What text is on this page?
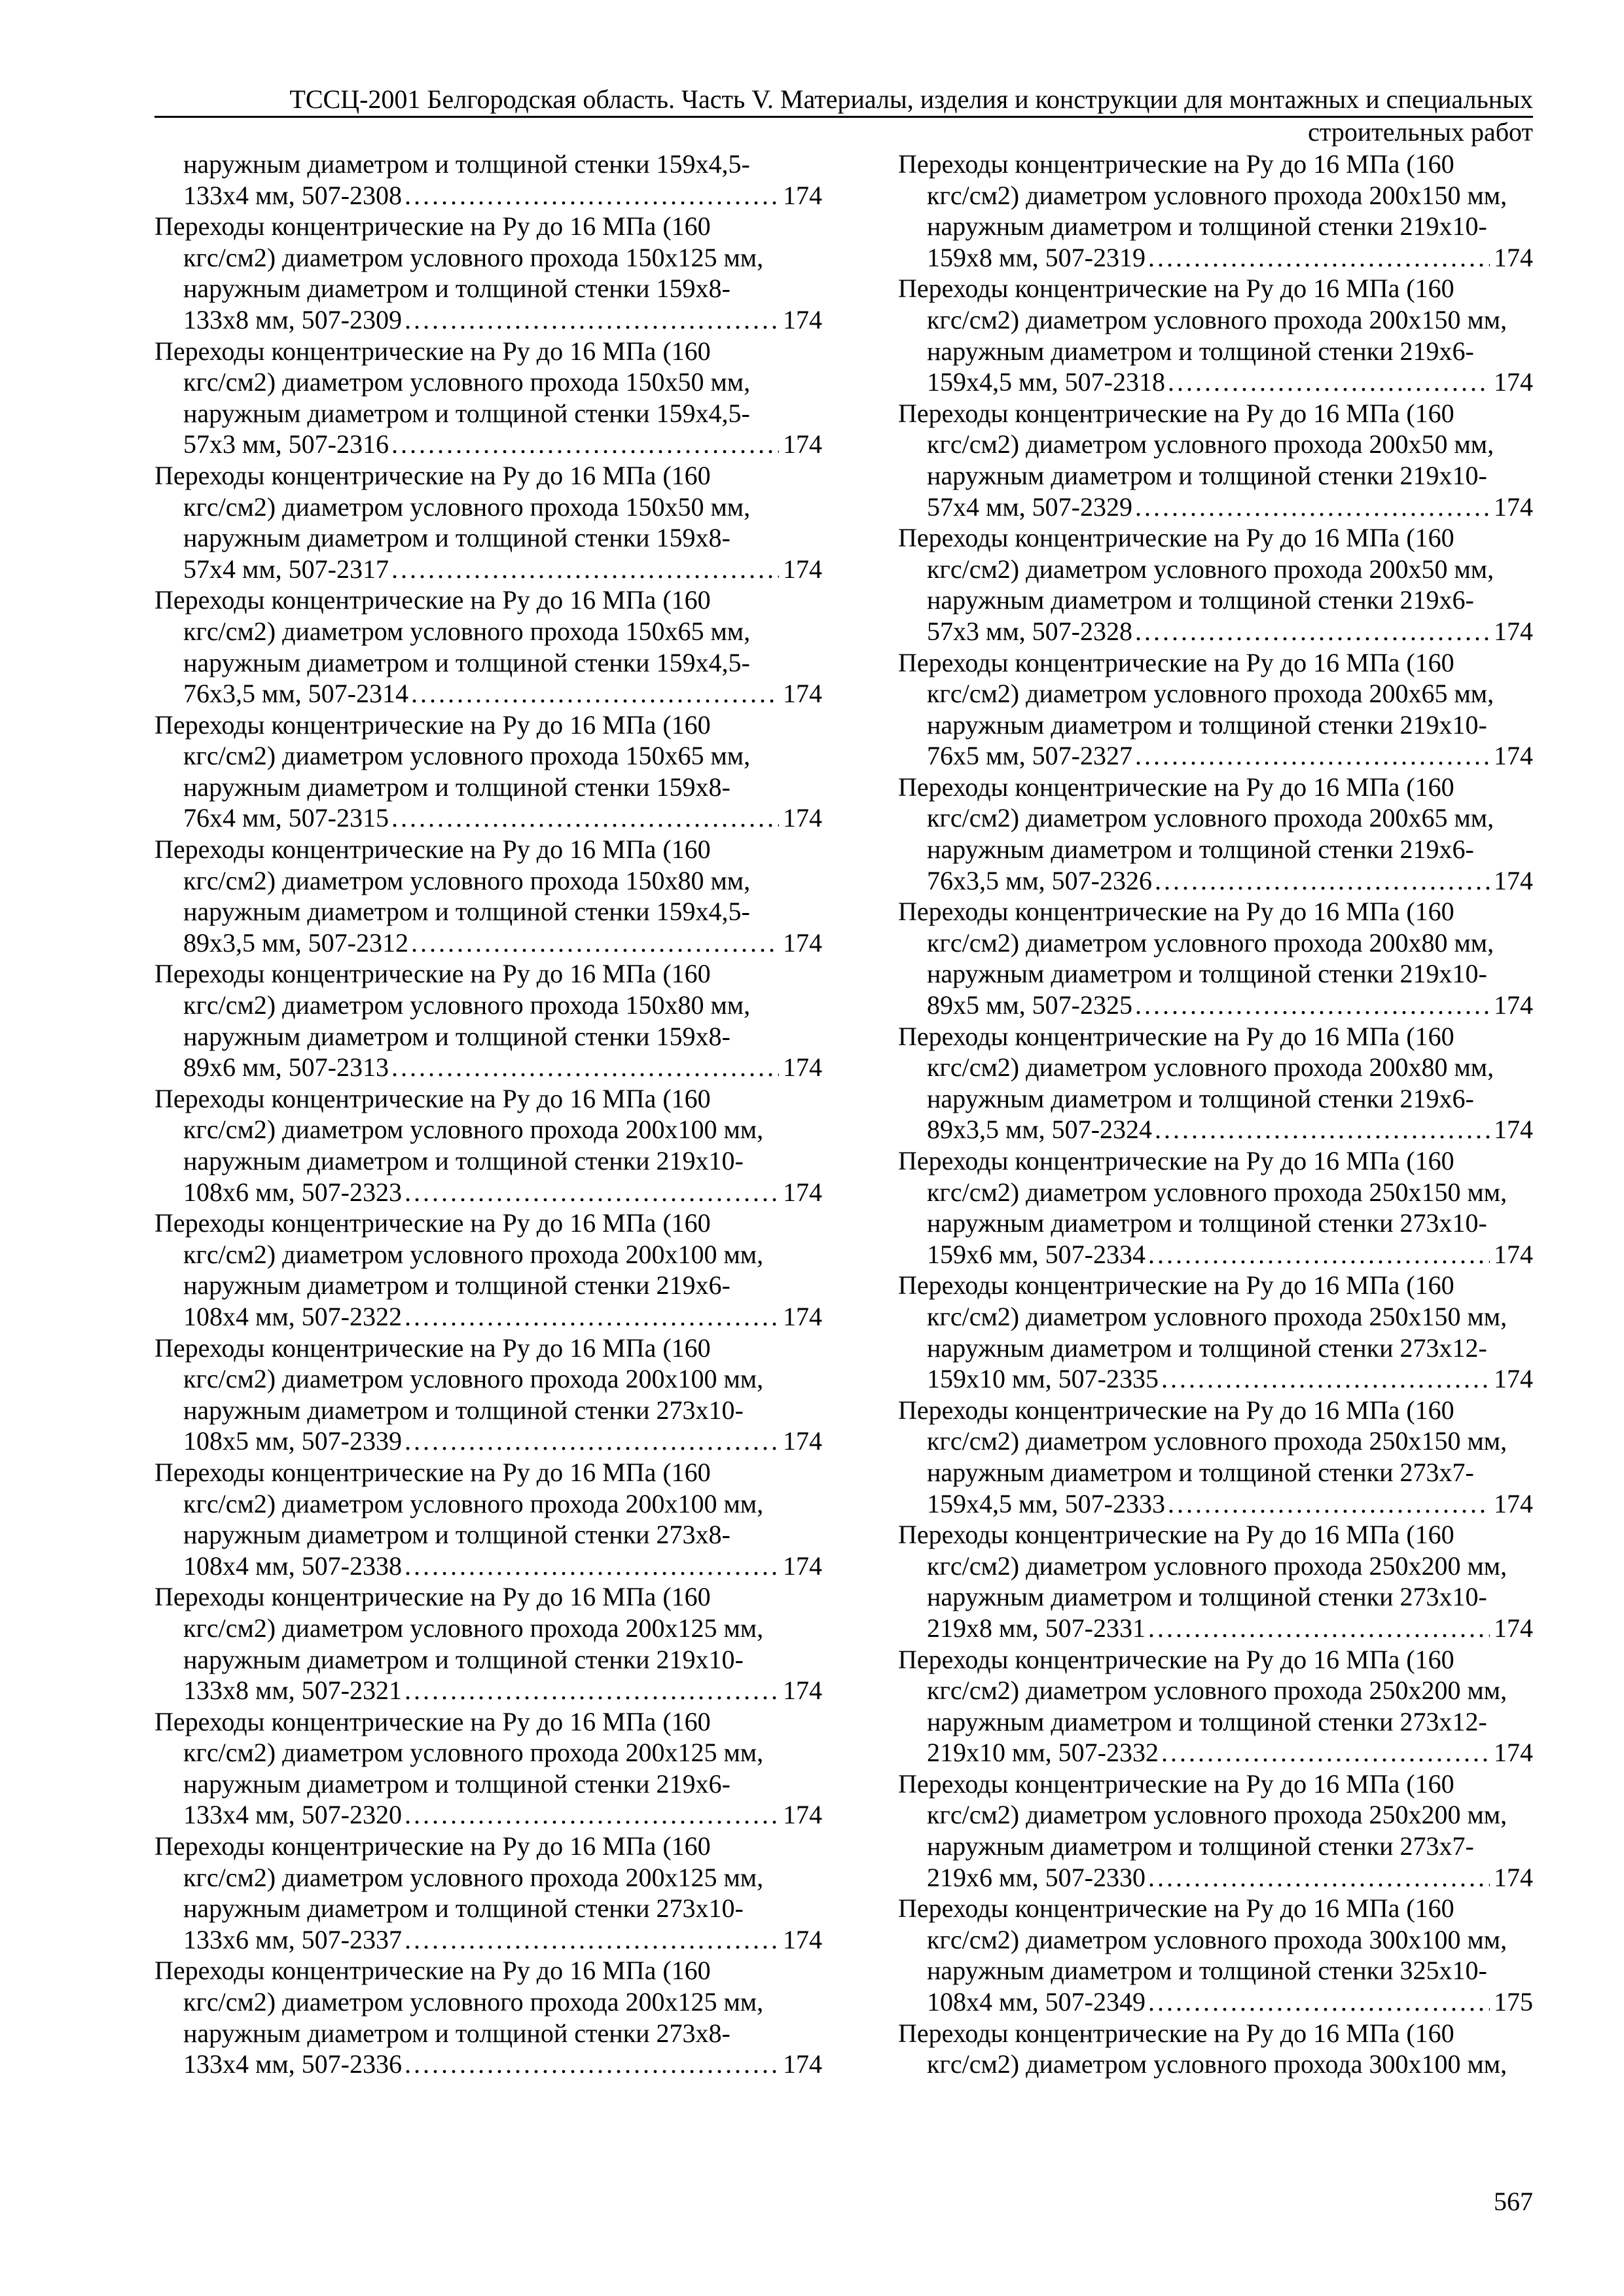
ТССЦ-2001 Белгородская область. Часть V. Материалы, изделия и конструкции для монтажных и специальных
строительных работ
наружным диаметром и толщиной стенки 159х4,5-
133х4 мм, 507-2308 . . .	174
Переходы концентрические на Ру до 16 МПа (160
кгс/см2) диаметром условного прохода 150х125 мм,
наружным диаметром и толщиной стенки 159х8-
133х8 мм, 507-2309 . . .	174
Переходы концентрические на Ру до 16 МПа (160
кгс/см2) диаметром условного прохода 150х50 мм,
наружным диаметром и толщиной стенки 159х4,5-
57х3 мм, 507-2316 . . .	174
Переходы концентрические на Ру до 16 МПа (160
кгс/см2) диаметром условного прохода 150х50 мм,
наружным диаметром и толщиной стенки 159х8-
57х4 мм, 507-2317 . . .	174
Переходы концентрические на Ру до 16 МПа (160
кгс/см2) диаметром условного прохода 150х65 мм,
наружным диаметром и толщиной стенки 159х4,5-
76х3,5 мм, 507-2314 . . .	174
Переходы концентрические на Ру до 16 МПа (160
кгс/см2) диаметром условного прохода 150х65 мм,
наружным диаметром и толщиной стенки 159х8-
76х4 мм, 507-2315 . . .	174
Переходы концентрические на Ру до 16 МПа (160
кгс/см2) диаметром условного прохода 150х80 мм,
наружным диаметром и толщиной стенки 159х4,5-
89х3,5 мм, 507-2312 . . .	174
Переходы концентрические на Ру до 16 МПа (160
кгс/см2) диаметром условного прохода 150х80 мм,
наружным диаметром и толщиной стенки 159х8-
89х6 мм, 507-2313 . . .	174
Переходы концентрические на Ру до 16 МПа (160
кгс/см2) диаметром условного прохода 200х100 мм,
наружным диаметром и толщиной стенки 219х10-
108х6 мм, 507-2323 . . .	174
Переходы концентрические на Ру до 16 МПа (160
кгс/см2) диаметром условного прохода 200х100 мм,
наружным диаметром и толщиной стенки 219х6-
108х4 мм, 507-2322 . . .	174
Переходы концентрические на Ру до 16 МПа (160
кгс/см2) диаметром условного прохода 200х100 мм,
наружным диаметром и толщиной стенки 273х10-
108х5 мм, 507-2339 . . .	174
Переходы концентрические на Ру до 16 МПа (160
кгс/см2) диаметром условного прохода 200х100 мм,
наружным диаметром и толщиной стенки 273х8-
108х4 мм, 507-2338 . . .	174
Переходы концентрические на Ру до 16 МПа (160
кгс/см2) диаметром условного прохода 200х125 мм,
наружным диаметром и толщиной стенки 219х10-
133х8 мм, 507-2321 . . .	174
Переходы концентрические на Ру до 16 МПа (160
кгс/см2) диаметром условного прохода 200х125 мм,
наружным диаметром и толщиной стенки 219х6-
133х4 мм, 507-2320 . . .	174
Переходы концентрические на Ру до 16 МПа (160
кгс/см2) диаметром условного прохода 200х125 мм,
наружным диаметром и толщиной стенки 273х10-
133х6 мм, 507-2337 . . .	174
Переходы концентрические на Ру до 16 МПа (160
кгс/см2) диаметром условного прохода 200х125 мм,
наружным диаметром и толщиной стенки 273х8-
133х4 мм, 507-2336 . . .	174
Переходы концентрические на Ру до 16 МПа (160
кгс/см2) диаметром условного прохода 200х150 мм,
наружным диаметром и толщиной стенки 219х10-
159х8 мм, 507-2319 . . .	174
Переходы концентрические на Ру до 16 МПа (160
кгс/см2) диаметром условного прохода 200х150 мм,
наружным диаметром и толщиной стенки 219х6-
159х4,5 мм, 507-2318 . . .	174
Переходы концентрические на Ру до 16 МПа (160
кгс/см2) диаметром условного прохода 200х50 мм,
наружным диаметром и толщиной стенки 219х10-
57х4 мм, 507-2329 . . .	174
Переходы концентрические на Ру до 16 МПа (160
кгс/см2) диаметром условного прохода 200х50 мм,
наружным диаметром и толщиной стенки 219х6-
57х3 мм, 507-2328 . . .	174
Переходы концентрические на Ру до 16 МПа (160
кгс/см2) диаметром условного прохода 200х65 мм,
наружным диаметром и толщиной стенки 219х10-
76х5 мм, 507-2327 . . .	174
Переходы концентрические на Ру до 16 МПа (160
кгс/см2) диаметром условного прохода 200х65 мм,
наружным диаметром и толщиной стенки 219х6-
76х3,5 мм, 507-2326 . . .	174
Переходы концентрические на Ру до 16 МПа (160
кгс/см2) диаметром условного прохода 200х80 мм,
наружным диаметром и толщиной стенки 219х10-
89х5 мм, 507-2325 . . .	174
Переходы концентрические на Ру до 16 МПа (160
кгс/см2) диаметром условного прохода 200х80 мм,
наружным диаметром и толщиной стенки 219х6-
89х3,5 мм, 507-2324 . . .	174
Переходы концентрические на Ру до 16 МПа (160
кгс/см2) диаметром условного прохода 250х150 мм,
наружным диаметром и толщиной стенки 273х10-
159х6 мм, 507-2334 . . .	174
Переходы концентрические на Ру до 16 МПа (160
кгс/см2) диаметром условного прохода 250х150 мм,
наружным диаметром и толщиной стенки 273х12-
159х10 мм, 507-2335 . . .	174
Переходы концентрические на Ру до 16 МПа (160
кгс/см2) диаметром условного прохода 250х150 мм,
наружным диаметром и толщиной стенки 273х7-
159х4,5 мм, 507-2333 . . .	174
Переходы концентрические на Ру до 16 МПа (160
кгс/см2) диаметром условного прохода 250х200 мм,
наружным диаметром и толщиной стенки 273х10-
219х8 мм, 507-2331 . . .	174
Переходы концентрические на Ру до 16 МПа (160
кгс/см2) диаметром условного прохода 250х200 мм,
наружным диаметром и толщиной стенки 273х12-
219х10 мм, 507-2332 . . .	174
Переходы концентрические на Ру до 16 МПа (160
кгс/см2) диаметром условного прохода 250х200 мм,
наружным диаметром и толщиной стенки 273х7-
219х6 мм, 507-2330 . . .	174
Переходы концентрические на Ру до 16 МПа (160
кгс/см2) диаметром условного прохода 300х100 мм,
наружным диаметром и толщиной стенки 325х10-
108х4 мм, 507-2349 . . .	175
Переходы концентрические на Ру до 16 МПа (160
кгс/см2) диаметром условного прохода 300х100 мм,
567
